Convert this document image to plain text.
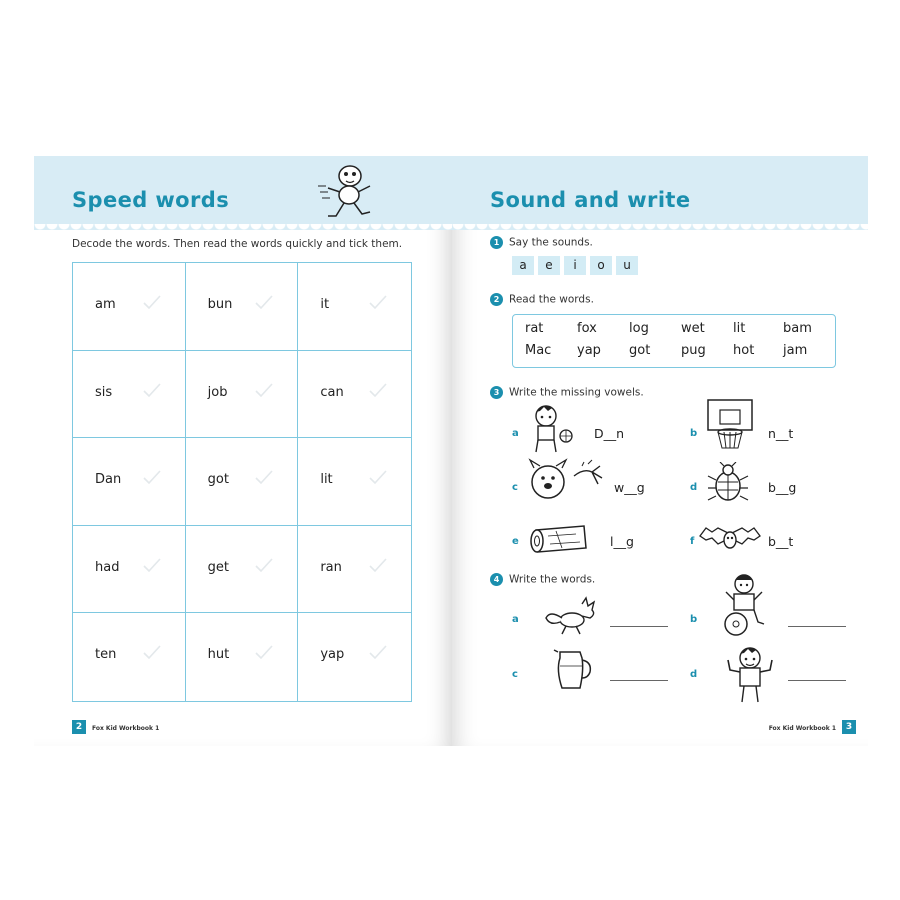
Speed words
Decode the words. Then read the words quickly and tick them.
am	bun	it
sis	job	can
Dan	got	lit
had	get	ran
ten	hut	yap
2	Fox Kid Workbook 1
Sound and write
1 Say the sounds.
a	e	i	o	u
2 Read the words.
rat	fox log wet lit	bam
Mac yap got pug hot jam
3 Write the missing vowels.
a	D__n	b	n__t
c	w__g	d	b__g
e	l__g	f	b__t
4 Write the words.
a	b
c	d
Fox Kid Workbook 1	3
